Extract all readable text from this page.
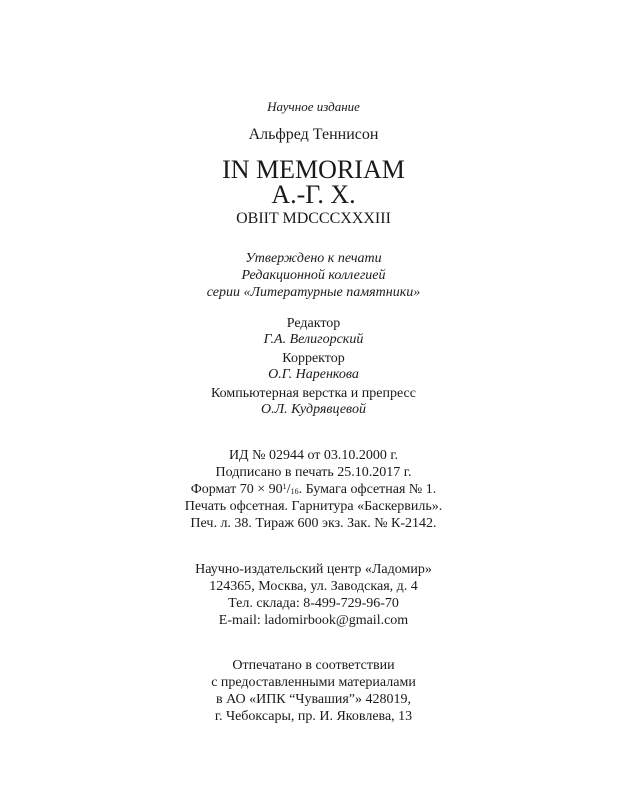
Научное издание
Альфред Теннисон
IN MEMORIAM
А.-Г. Х.
OBIIT MDCCCXXXIII
Утверждено к печати
Редакционной коллегией
серии «Литературные памятники»
Редактор
Г.А. Велигорский
Корректор
О.Г. Наренкова
Компьютерная верстка и препресс
О.Л. Кудрявцевой
ИД № 02944 от 03.10.2000 г.
Подписано в печать 25.10.2017 г.
Формат $70 \times 90^1/_{16}$. Бумага офсетная № 1.
Печать офсетная. Гарнитура «Баскервиль».
Печ. л. 38. Тираж 600 экз. Зак. № К-2142.
Научно-издательский центр «Ладомир»
124365, Москва, ул. Заводская, д. 4
Тел. склада: 8-499-729-96-70
E-mail: ladomirbook@gmail.com
Отпечатано в соответствии
с предоставленными материалами
в АО «ИПК “Чувашия”» 428019,
г. Чебоксары, пр. И. Яковлева, 13
